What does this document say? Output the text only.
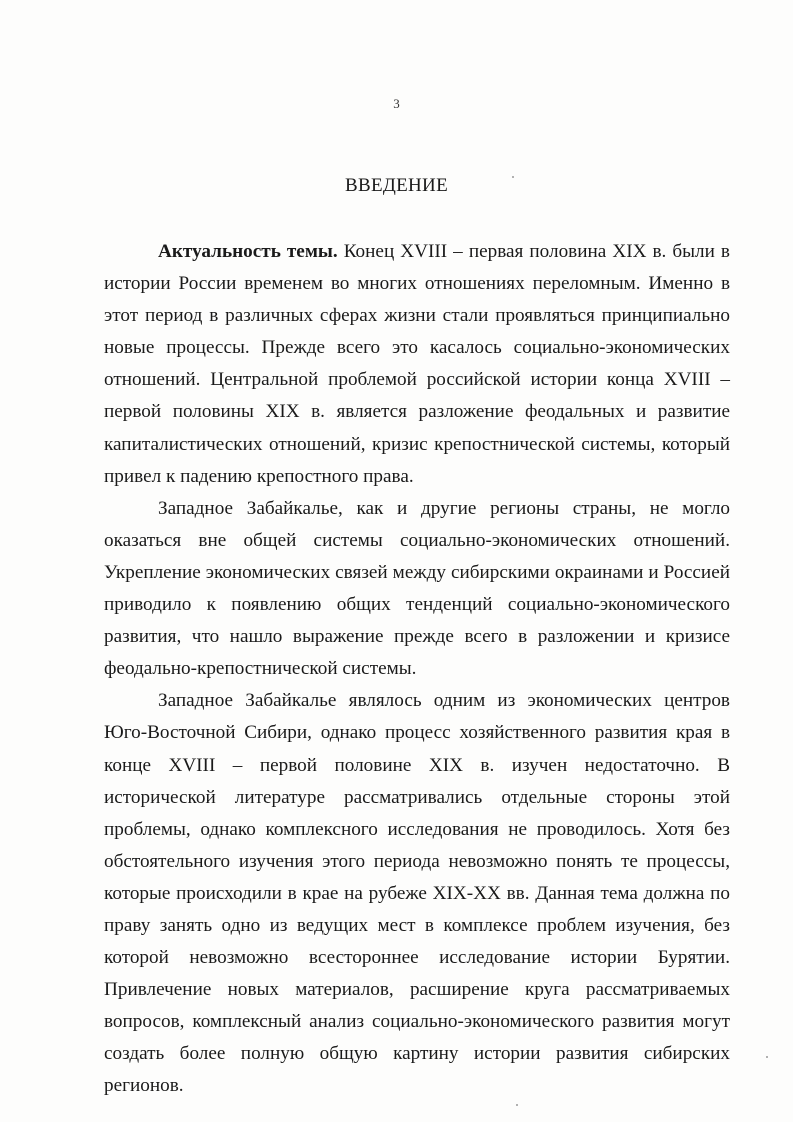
3
ВВЕДЕНИЕ

Актуальность темы. Конец XVIII – первая половина XIX в. были в истории России временем во многих отношениях переломным. Именно в этот период в различных сферах жизни стали проявляться принципиально новые процессы. Прежде всего это касалось социально-экономических отношений. Центральной проблемой российской истории конца XVIII – первой половины XIX в. является разложение феодальных и развитие капиталистических отношений, кризис крепостнической системы, который привел к падению крепостного права.

Западное Забайкалье, как и другие регионы страны, не могло оказаться вне общей системы социально-экономических отношений. Укрепление экономических связей между сибирскими окраинами и Россией приводило к появлению общих тенденций социально-экономического развития, что нашло выражение прежде всего в разложении и кризисе феодально-крепостнической системы.

Западное Забайкалье являлось одним из экономических центров Юго-Восточной Сибири, однако процесс хозяйственного развития края в конце XVIII – первой половине XIX в. изучен недостаточно. В исторической литературе рассматривались отдельные стороны этой проблемы, однако комплексного исследования не проводилось. Хотя без обстоятельного изучения этого периода невозможно понять те процессы, которые происходили в крае на рубеже XIX-XX вв. Данная тема должна по праву занять одно из ведущих мест в комплексе проблем изучения, без которой невозможно всестороннее исследование истории Бурятии. Привлечение новых материалов, расширение круга рассматриваемых вопросов, комплексный анализ социально-экономического развития могут создать более полную общую картину истории развития сибирских регионов.
